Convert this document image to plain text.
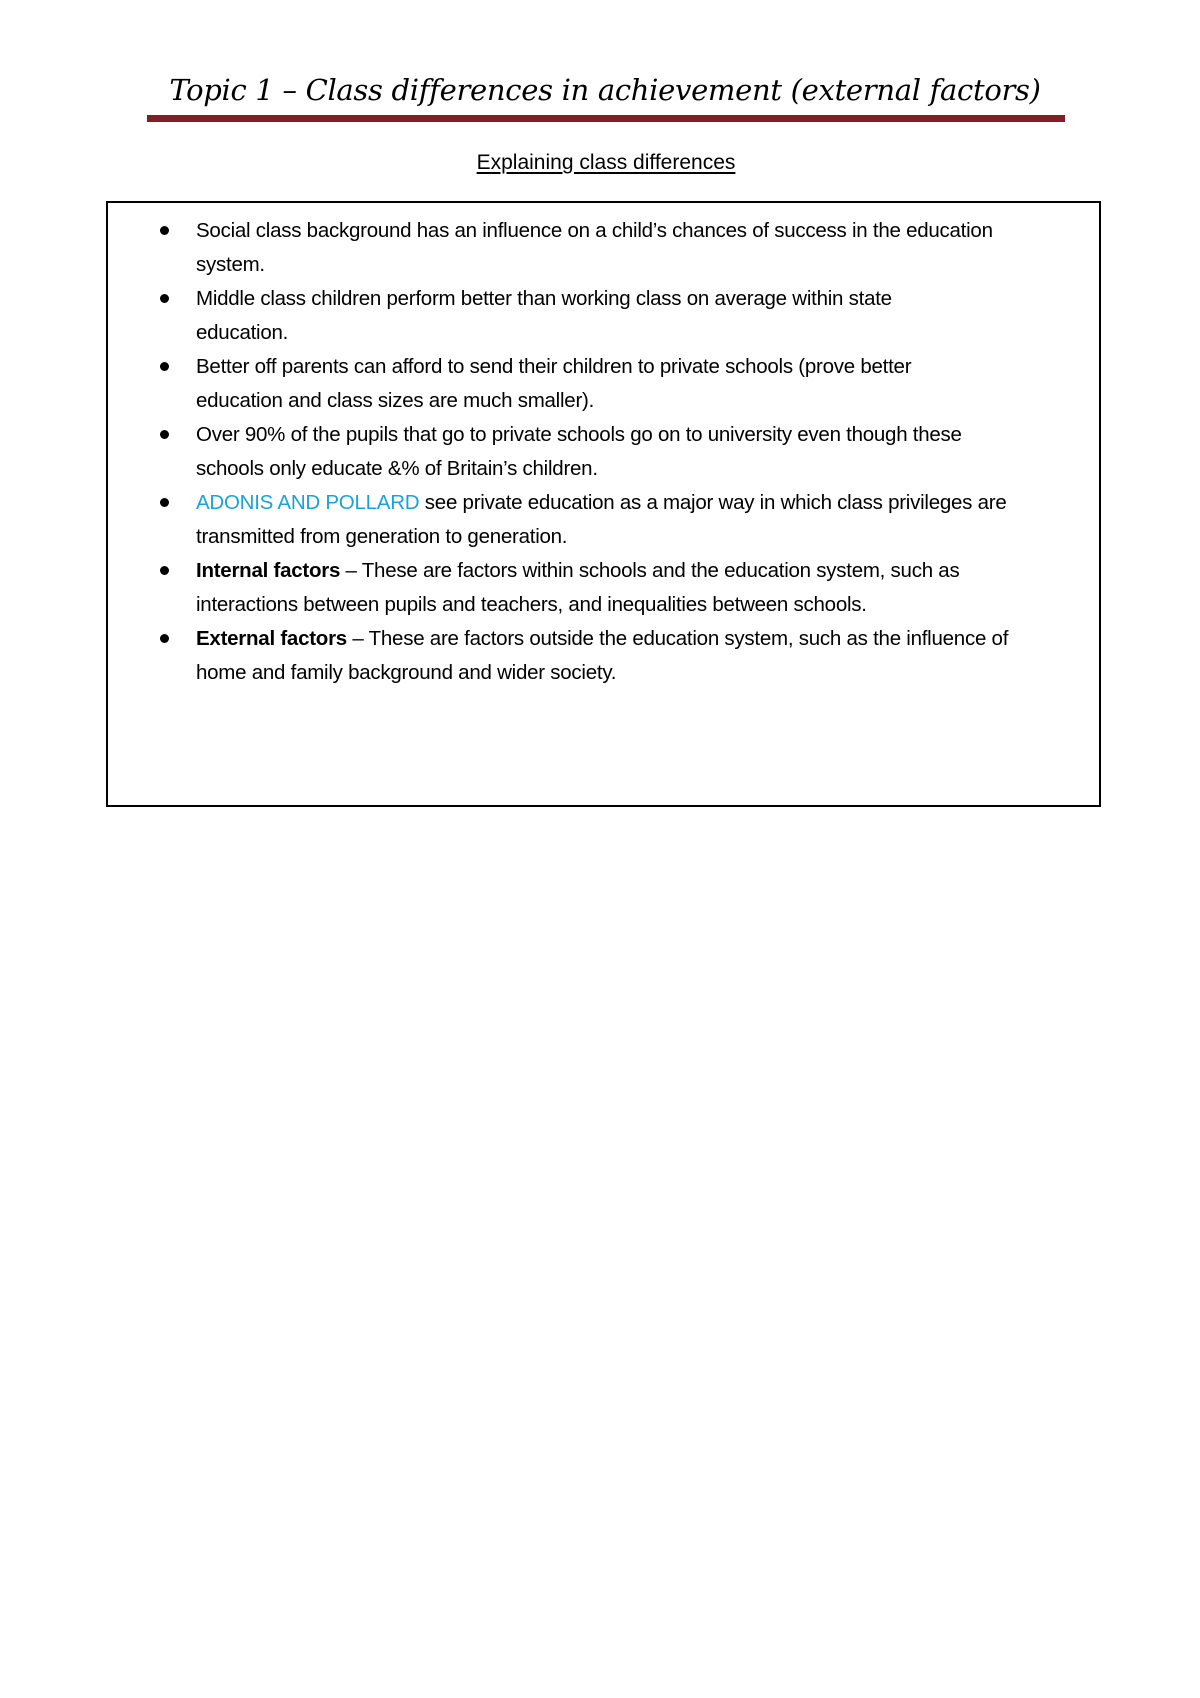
Topic 1 – Class differences in achievement (external factors)
Explaining class differences
Social class background has an influence on a child’s chances of success in the education
system.
Middle class children perform better than working class on average within state
education.
Better off parents can afford to send their children to private schools (prove better
education and class sizes are much smaller).
Over 90% of the pupils that go to private schools go on to university even though these
schools only educate &% of Britain’s children.
ADONIS AND POLLARD see private education as a major way in which class privileges are
transmitted from generation to generation.
Internal factors – These are factors within schools and the education system, such as
interactions between pupils and teachers, and inequalities between schools.
External factors – These are factors outside the education system, such as the influence of
home and family background and wider society.
